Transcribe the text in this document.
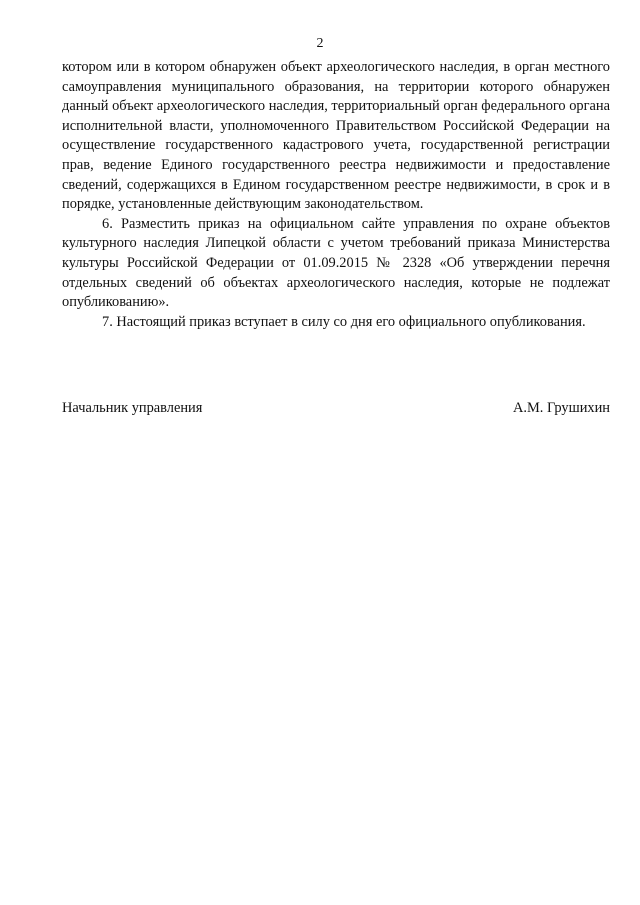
2

котором или в котором обнаружен объект археологического наследия, в орган местного самоуправления муниципального образования, на территории которого обнаружен данный объект археологического наследия, территориальный орган федерального органа исполнительной власти, уполномоченного Правительством Российской Федерации на осуществление государственного кадастрового учета, государственной регистрации прав, ведение Единого государственного реестра недвижимости и предоставление сведений, содержащихся в Едином государственном реестре недвижимости, в срок и в порядке, установленные действующим законодательством.

6. Разместить приказ на официальном сайте управления по охране объектов культурного наследия Липецкой области с учетом требований приказа Министерства культуры Российской Федерации от 01.09.2015 № 2328 «Об утверждении перечня отдельных сведений об объектах археологического наследия, которые не подлежат опубликованию».

7. Настоящий приказ вступает в силу со дня его официального опубликования.

Начальник управления	А.М. Грушихин
